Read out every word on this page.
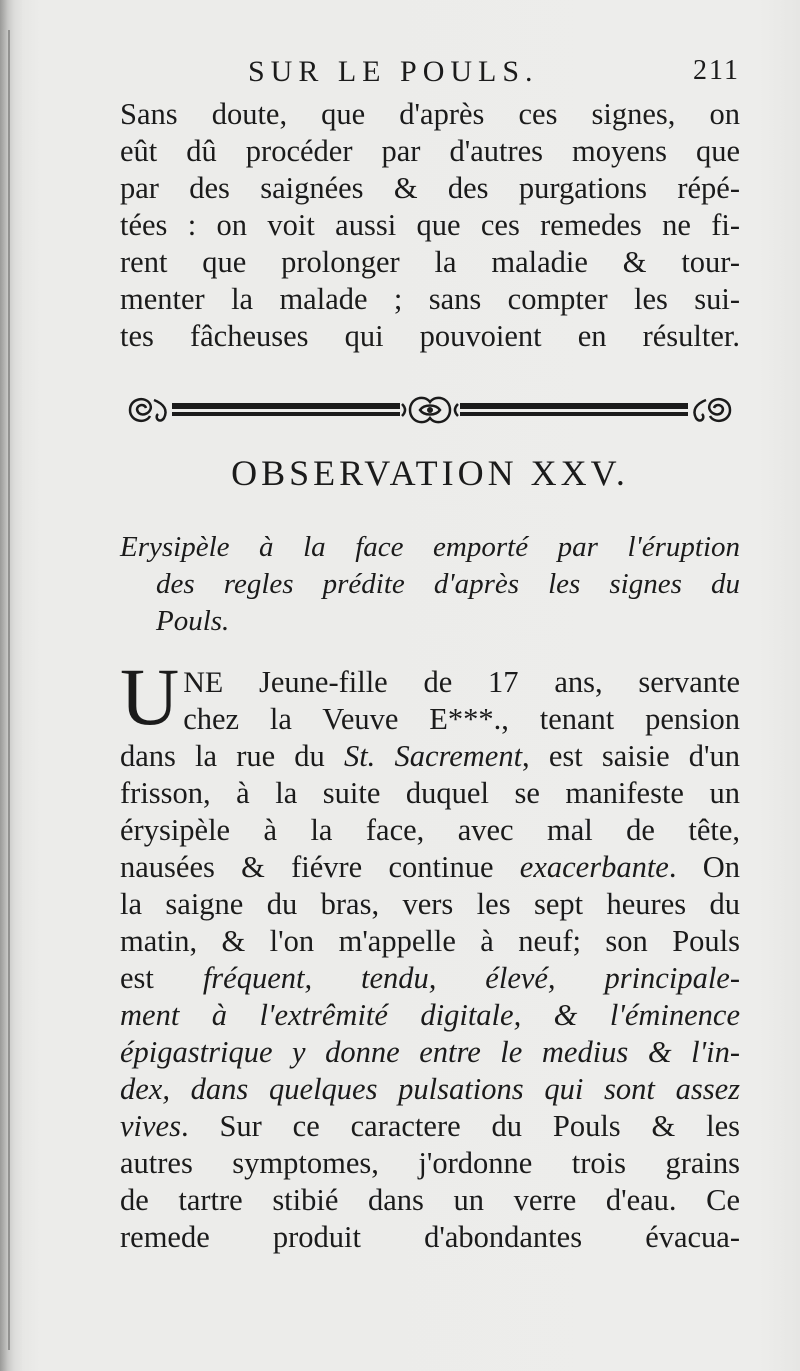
SUR LE POULS.	211
Sans doute, que d'après ces signes, on
eût dû procéder par d'autres moyens que
par des saignées & des purgations répé-
tées : on voit aussi que ces remedes ne fi-
rent que prolonger la maladie & tour-
menter la malade ; sans compter les sui-
tes fâcheuses qui pouvoient en résulter.
OBSERVATION XXV.
Erysipèle à la face emporté par l'éruption
des regles prédite d'après les signes du
Pouls.
U NE Jeune-fille de 17 ans, servante
chez la Veuve E***., tenant pension
dans la rue du St. Sacrement, est saisie d'un
frisson, à la suite duquel se manifeste un
érysipèle à la face, avec mal de tête,
nausées & fiévre continue exacerbante. On
la saigne du bras, vers les sept heures du
matin, & l'on m'appelle à neuf; son Pouls
est fréquent, tendu, élevé, principale-
ment à l'extrêmité digitale, & l'éminence
épigastrique y donne entre le medius & l'in-
dex, dans quelques pulsations qui sont assez
vives. Sur ce caractere du Pouls & les
autres symptomes, j'ordonne trois grains
de tartre stibié dans un verre d'eau. Ce
remede produit d'abondantes évacua-
